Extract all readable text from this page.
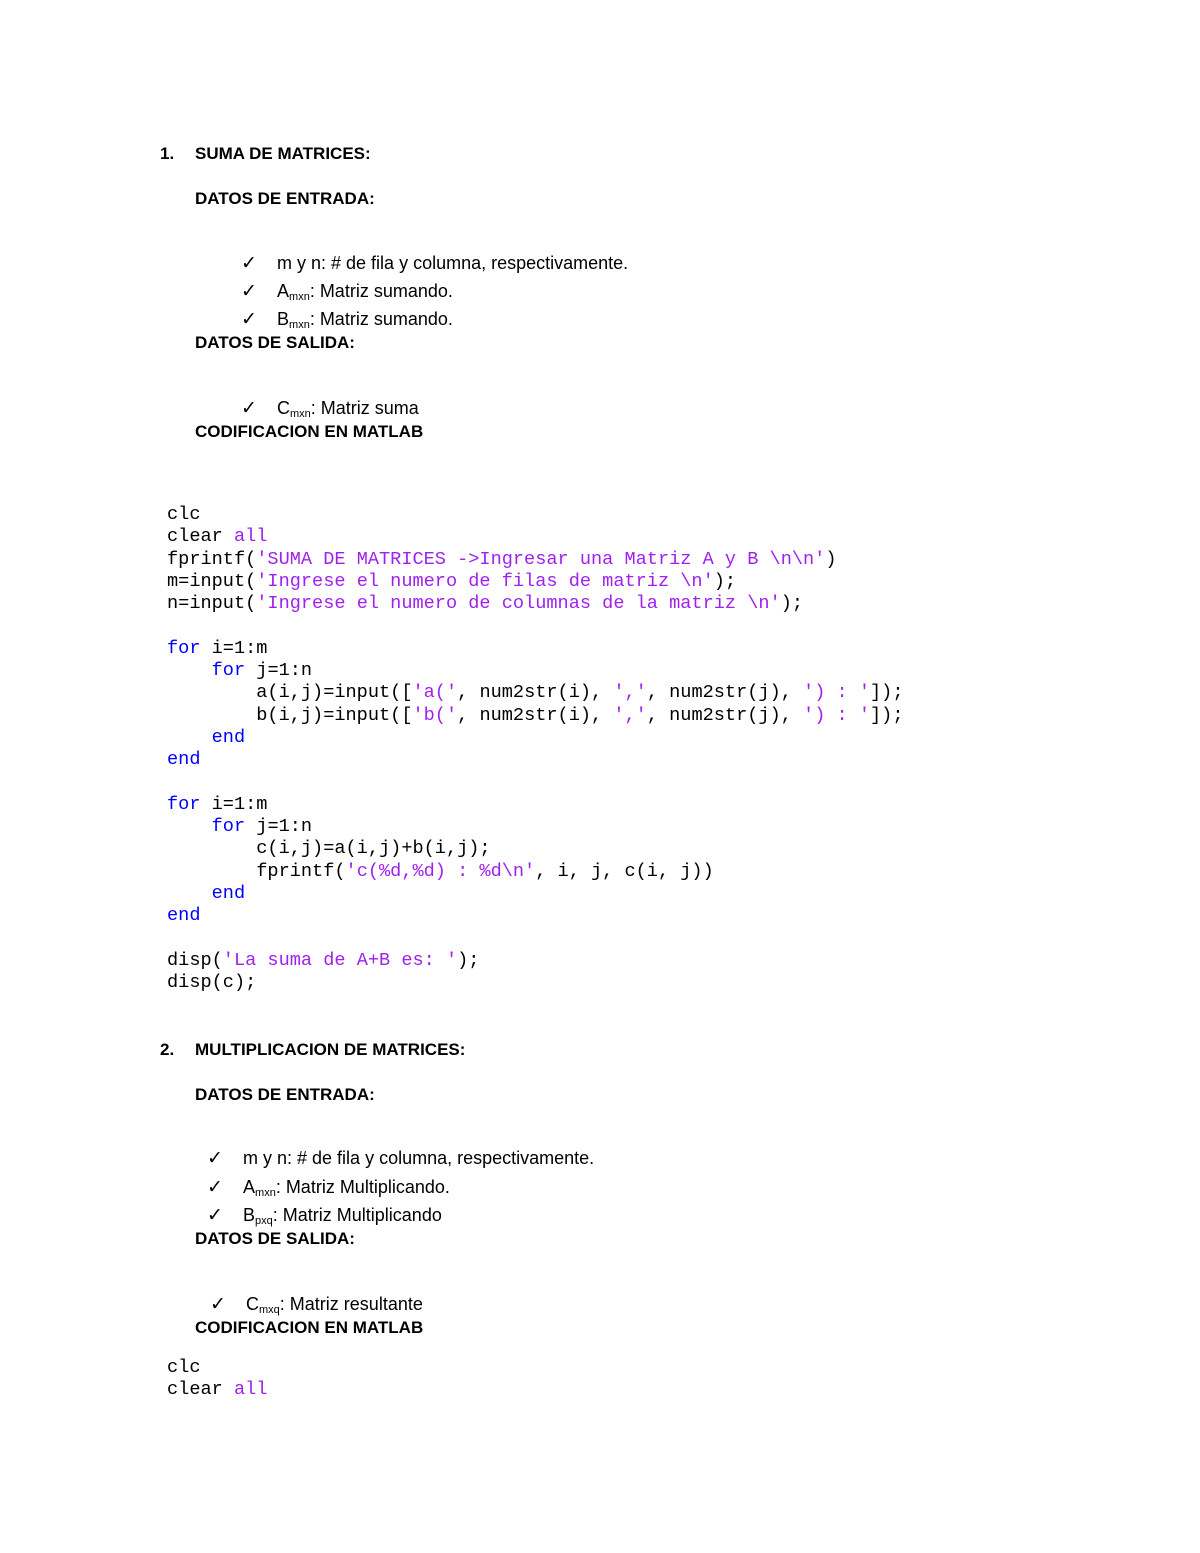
1. SUMA DE MATRICES:
DATOS DE ENTRADA:

✓ m y n: # de fila y columna, respectivamente.

✓ $A_{mxn}$: Matriz sumando.

✓ $B_{mxn}$: Matriz sumando.

DATOS DE SALIDA:

✓ $C_{mxn}$: Matriz suma

CODIFICACION EN MATLAB
clc
clear all
fprintf('SUMA DE MATRICES ->Ingresar una Matriz A y B \n\n')
m=input('Ingrese el numero de filas de matriz \n');
n=input('Ingrese el numero de columnas de la matriz \n');

for i=1:m
for j=1:n
a(i,j)=input(['a(', num2str(i), ',', num2str(j), ') : ']);
b(i,j)=input(['b(', num2str(i), ',', num2str(j), ') : ']);
end
end

for i=1:m
for j=1:n
c(i,j)=a(i,j)+b(i,j);
fprintf('c(%d,%d) : %d\n', i, j, c(i, j))
end
end

disp('La suma de A+B es: ');
disp(c);
2. MULTIPLICACION DE MATRICES:
DATOS DE ENTRADA:

✓ m y n: # de fila y columna, respectivamente.

✓ $A_{mxn}$: Matriz Multiplicando.

✓ $B_{pxq}$: Matriz Multiplicando

DATOS DE SALIDA:

✓ $C_{mxq}$: Matriz resultante

CODIFICACION EN MATLAB
clc
clear all
